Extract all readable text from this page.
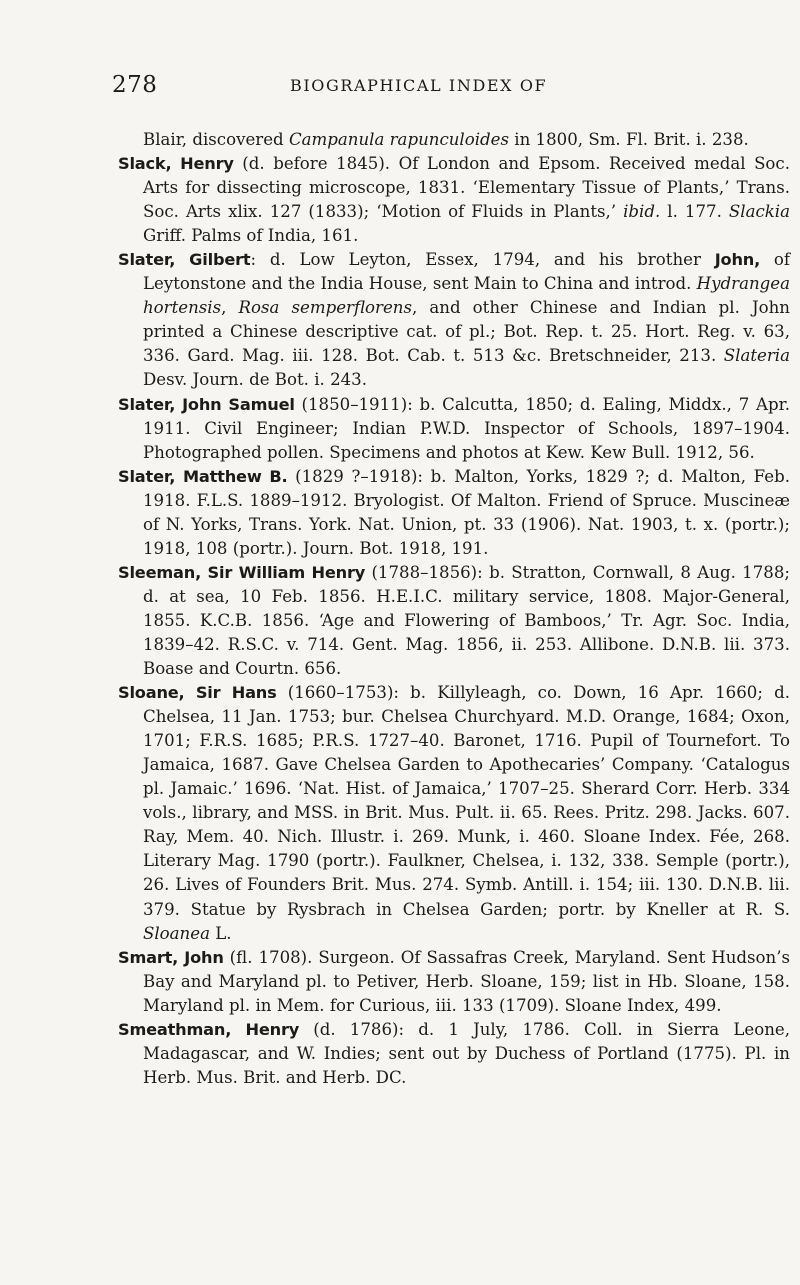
278	BIOGRAPHICAL INDEX OF

Blair, discovered Campanula rapunculoides in 1800, Sm. Fl. Brit. i. 238.

Slack, Henry (d. before 1845). Of London and Epsom. Received medal Soc. Arts for dissecting microscope, 1831. ‘Elementary Tissue of Plants,’ Trans. Soc. Arts xlix. 127 (1833); ‘Motion of Fluids in Plants,’ ibid. l. 177. Slackia Griff. Palms of India, 161.

Slater, Gilbert: d. Low Leyton, Essex, 1794, and his brother John, of Leytonstone and the India House, sent Main to China and introd. Hydrangea hortensis, Rosa semperflorens, and other Chinese and Indian pl. John printed a Chinese descriptive cat. of pl.; Bot. Rep. t. 25. Hort. Reg. v. 63, 336. Gard. Mag. iii. 128. Bot. Cab. t. 513 &c. Bretschneider, 213. Slateria Desv. Journ. de Bot. i. 243.

Slater, John Samuel (1850–1911): b. Calcutta, 1850; d. Ealing, Middx., 7 Apr. 1911. Civil Engineer; Indian P.W.D. Inspector of Schools, 1897–1904. Photographed pollen. Specimens and photos at Kew. Kew Bull. 1912, 56.

Slater, Matthew B. (1829 ?–1918): b. Malton, Yorks, 1829 ?; d. Malton, Feb. 1918. F.L.S. 1889–1912. Bryologist. Of Malton. Friend of Spruce. Muscineæ of N. Yorks, Trans. York. Nat. Union, pt. 33 (1906). Nat. 1903, t. x. (portr.); 1918, 108 (portr.). Journ. Bot. 1918, 191.

Sleeman, Sir William Henry (1788–1856): b. Stratton, Cornwall, 8 Aug. 1788; d. at sea, 10 Feb. 1856. H.E.I.C. military service, 1808. Major-General, 1855. K.C.B. 1856. ‘Age and Flowering of Bamboos,’ Tr. Agr. Soc. India, 1839–42. R.S.C. v. 714. Gent. Mag. 1856, ii. 253. Allibone. D.N.B. lii. 373. Boase and Courtn. 656.

Sloane, Sir Hans (1660–1753): b. Killyleagh, co. Down, 16 Apr. 1660; d. Chelsea, 11 Jan. 1753; bur. Chelsea Churchyard. M.D. Orange, 1684; Oxon, 1701; F.R.S. 1685; P.R.S. 1727–40. Baronet, 1716. Pupil of Tournefort. To Jamaica, 1687. Gave Chelsea Garden to Apothecaries’ Company. ‘Catalogus pl. Jamaic.’ 1696. ‘Nat. Hist. of Jamaica,’ 1707–25. Sherard Corr. Herb. 334 vols., library, and MSS. in Brit. Mus. Pult. ii. 65. Rees. Pritz. 298. Jacks. 607. Ray, Mem. 40. Nich. Illustr. i. 269. Munk, i. 460. Sloane Index. Fée, 268. Literary Mag. 1790 (portr.). Faulkner, Chelsea, i. 132, 338. Semple (portr.), 26. Lives of Founders Brit. Mus. 274. Symb. Antill. i. 154; iii. 130. D.N.B. lii. 379. Statue by Rysbrach in Chelsea Garden; portr. by Kneller at R. S. Sloanea L.

Smart, John (fl. 1708). Surgeon. Of Sassafras Creek, Maryland. Sent Hudson’s Bay and Maryland pl. to Petiver, Herb. Sloane, 159; list in Hb. Sloane, 158. Maryland pl. in Mem. for Curious, iii. 133 (1709). Sloane Index, 499.

Smeathman, Henry (d. 1786): d. 1 July, 1786. Coll. in Sierra Leone, Madagascar, and W. Indies; sent out by Duchess of Portland (1775). Pl. in Herb. Mus. Brit. and Herb. DC.
